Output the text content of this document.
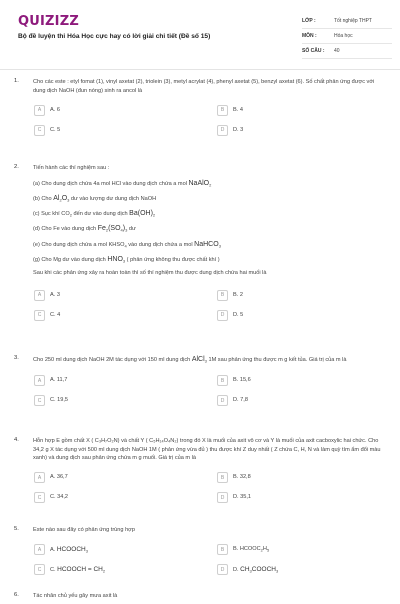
QUIZIZZ
Bộ đề luyện thi Hóa Học cực hay có lời giải chi tiết (Đề số 15)
LỚP :	Tốt nghiệp THPT
MÔN :	Hóa học
SỐ CÂU :	40
1.	Cho các este : etyl fomat (1), vinyl axetat (2), triolein (3), metyl acrylat (4), phenyl axetat (5), benzyl axetat (6). Số chất phản ứng được với dung dịch NaOH (đun nóng) sinh ra ancol là
A	A. 6	B	B. 4
C	C. 5	D	D. 3
2.	Tiến hành các thí nghiệm sau :
(a) Cho dung dịch chứa 4a mol HCl vào dung dịch chứa a mol NaAlO$_2$
(b) Cho $Al_2O_3$ dư vào lượng dư dung dịch NaOH
(c) Sục khí $CO_2$ đến dư vào dung dịch $Ba(OH)_2$
(d) Cho Fe vào dung dịch $Fe_2(SO_4)_3$ dư
(e) Cho dung dịch chứa a mol $KHSO_4$ vào dung dịch chứa a mol NaHCO$_3$
(g) Cho Mg dư vào dung dịch $HNO_3$ ( phản ứng không thu được chất khí )
Sau khi các phản ứng xảy ra hoàn toàn thì số thí nghiệm thu được dung dịch chứa hai muối là
A	A. 3	B	B. 2
C	C. 4	D	D. 5
3.	Cho 250 ml dung dịch NaOH 2M tác dụng với 150 ml dung dịch AlCl$_3$ 1M sau phản ứng thu được m g kết tủa. Giá trị của m là
A	A. 11,7	B	B. 15,6
C	C. 19,5	D	D. 7,8
4.	Hỗn hợp E gồm chất X ( C₃H₇O₂N) và chất Y ( C₅H₁₄O₄N₂) trong đó X là muối của axit vô cơ và Y là muối của axit cacboxylic hai chức. Cho 34,2 g X tác dụng với 500 ml dung dịch NaOH 1M ( phản ứng vừa đủ ) thu được khí Z duy nhất ( Z chứa C, H, N và làm quỳ tím ẩm đổi màu xanh) và dung dịch sau phản ứng chứa m g muối. Giá trị của m là
A	A. 36,7	B	B. 32,8
C	C. 34,2	D	D. 35,1
5.	Este nào sau đây có phản ứng trùng hợp
A	A. $HCOOCH_3$	B	B. $HCOOC_2H_5$
C	C. HCOOCH = $CH_2$	D	D. $CH_3COOCH_3$
6.	Tác nhân chủ yếu gây mưa axit là
